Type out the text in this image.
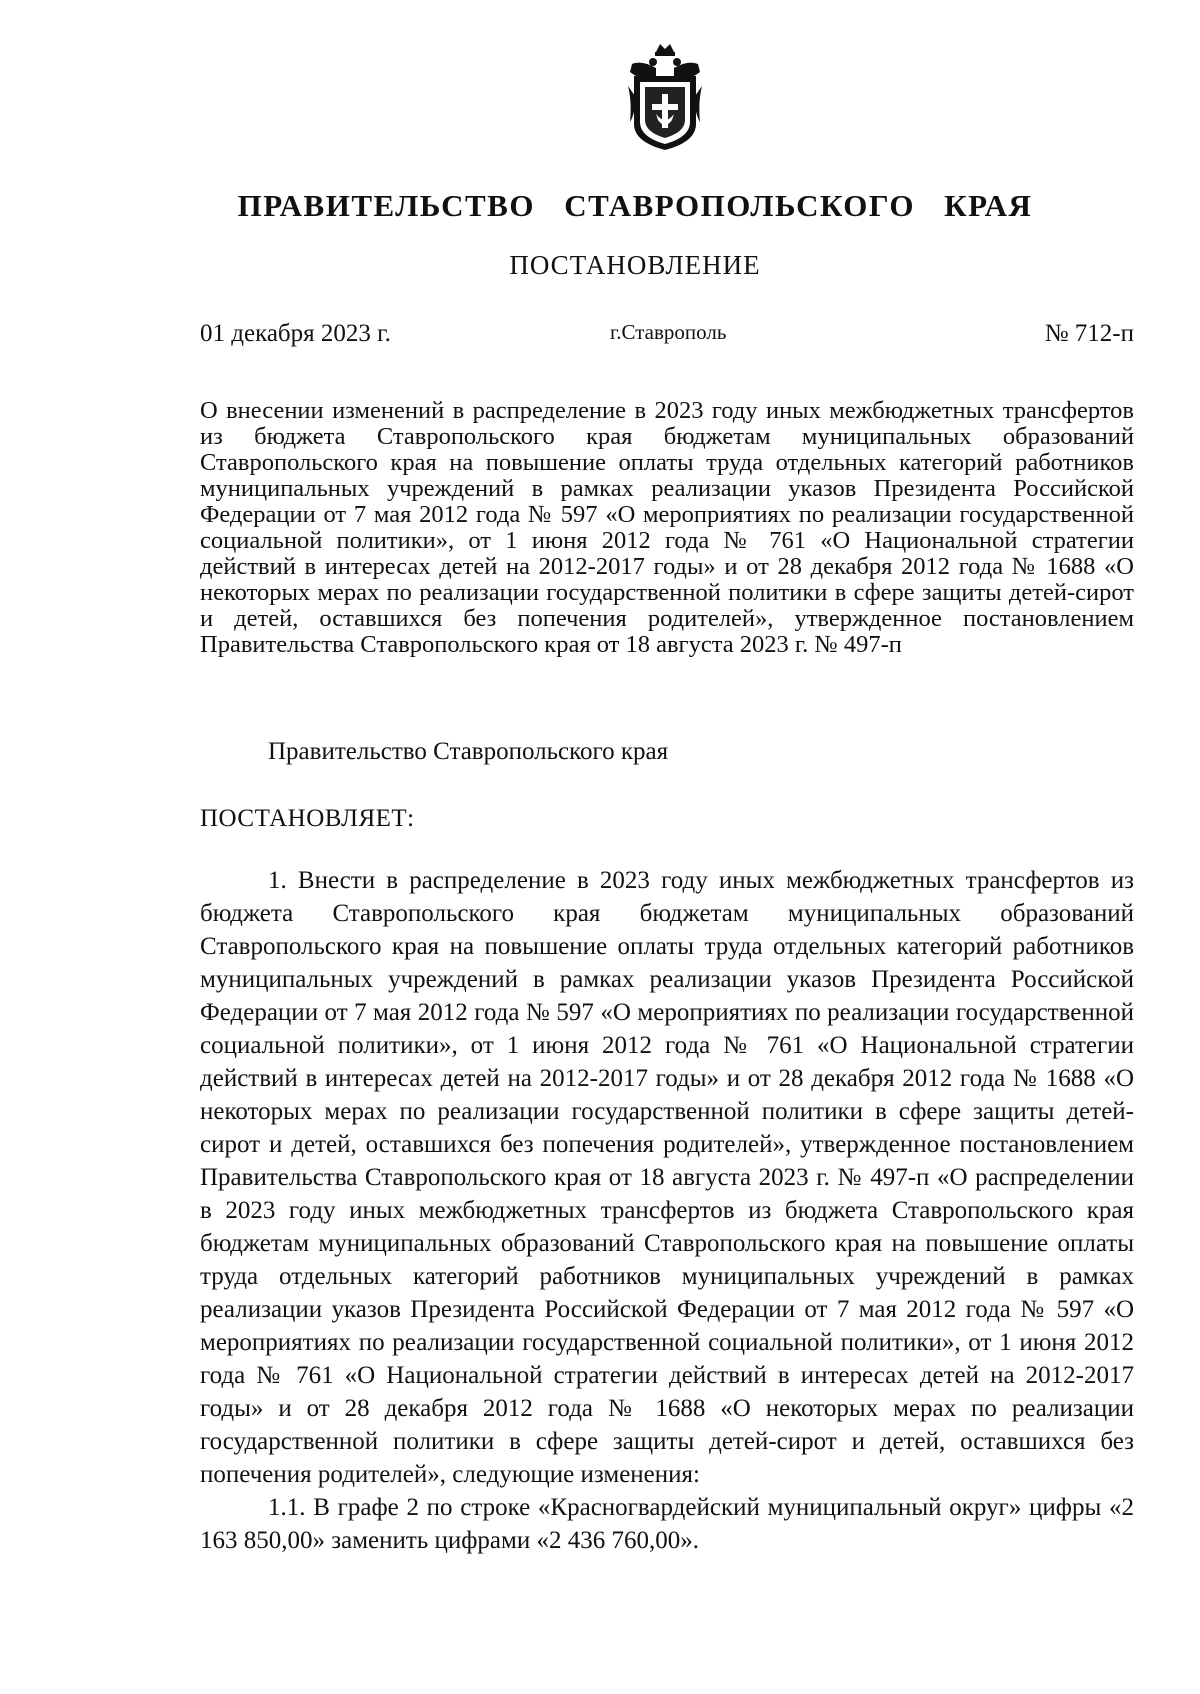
ПРАВИТЕЛЬСТВО СТАВРОПОЛЬСКОГО КРАЯ
ПОСТАНОВЛЕНИЕ
01 декабря 2023 г.	г.Ставрополь	№ 712-п
О внесении изменений в распределение в 2023 году иных межбюджетных трансфертов из бюджета Ставропольского края бюджетам муниципальных образований Ставропольского края на повышение оплаты труда отдельных категорий работников муниципальных учреждений в рамках реализации указов Президента Российской Федерации от 7 мая 2012 года № 597 «О мероприятиях по реализации государственной социальной политики», от 1 июня 2012 года № 761 «О Национальной стратегии действий в интересах детей на 2012-2017 годы» и от 28 декабря 2012 года № 1688 «О некоторых мерах по реализации государственной политики в сфере защиты детей-сирот и детей, оставшихся без попечения родителей», утвержденное постановлением Правительства Ставропольского края от 18 августа 2023 г. № 497-п
Правительство Ставропольского края
ПОСТАНОВЛЯЕТ:

1. Внести в распределение в 2023 году иных межбюджетных трансфертов из бюджета Ставропольского края бюджетам муниципальных образований Ставропольского края на повышение оплаты труда отдельных категорий работников муниципальных учреждений в рамках реализации указов Президента Российской Федерации от 7 мая 2012 года № 597 «О мероприятиях по реализации государственной социальной политики», от 1 июня 2012 года № 761 «О Национальной стратегии действий в интересах детей на 2012-2017 годы» и от 28 декабря 2012 года № 1688 «О некоторых мерах по реализации государственной политики в сфере защиты детей-сирот и детей, оставшихся без попечения родителей», утвержденное постановлением Правительства Ставропольского края от 18 августа 2023 г. № 497-п «О распределении в 2023 году иных межбюджетных трансфертов из бюджета Ставропольского края бюджетам муниципальных образований Ставропольского края на повышение оплаты труда отдельных категорий работников муниципальных учреждений в рамках реализации указов Президента Российской Федерации от 7 мая 2012 года № 597 «О мероприятиях по реализации государственной социальной политики», от 1 июня 2012 года № 761 «О Национальной стратегии действий в интересах детей на 2012-2017 годы» и от 28 декабря 2012 года № 1688 «О некоторых мерах по реализации государственной политики в сфере защиты детей-сирот и детей, оставшихся без попечения родителей», следующие изменения:

1.1. В графе 2 по строке «Красногвардейский муниципальный округ» цифры «2 163 850,00» заменить цифрами «2 436 760,00».
